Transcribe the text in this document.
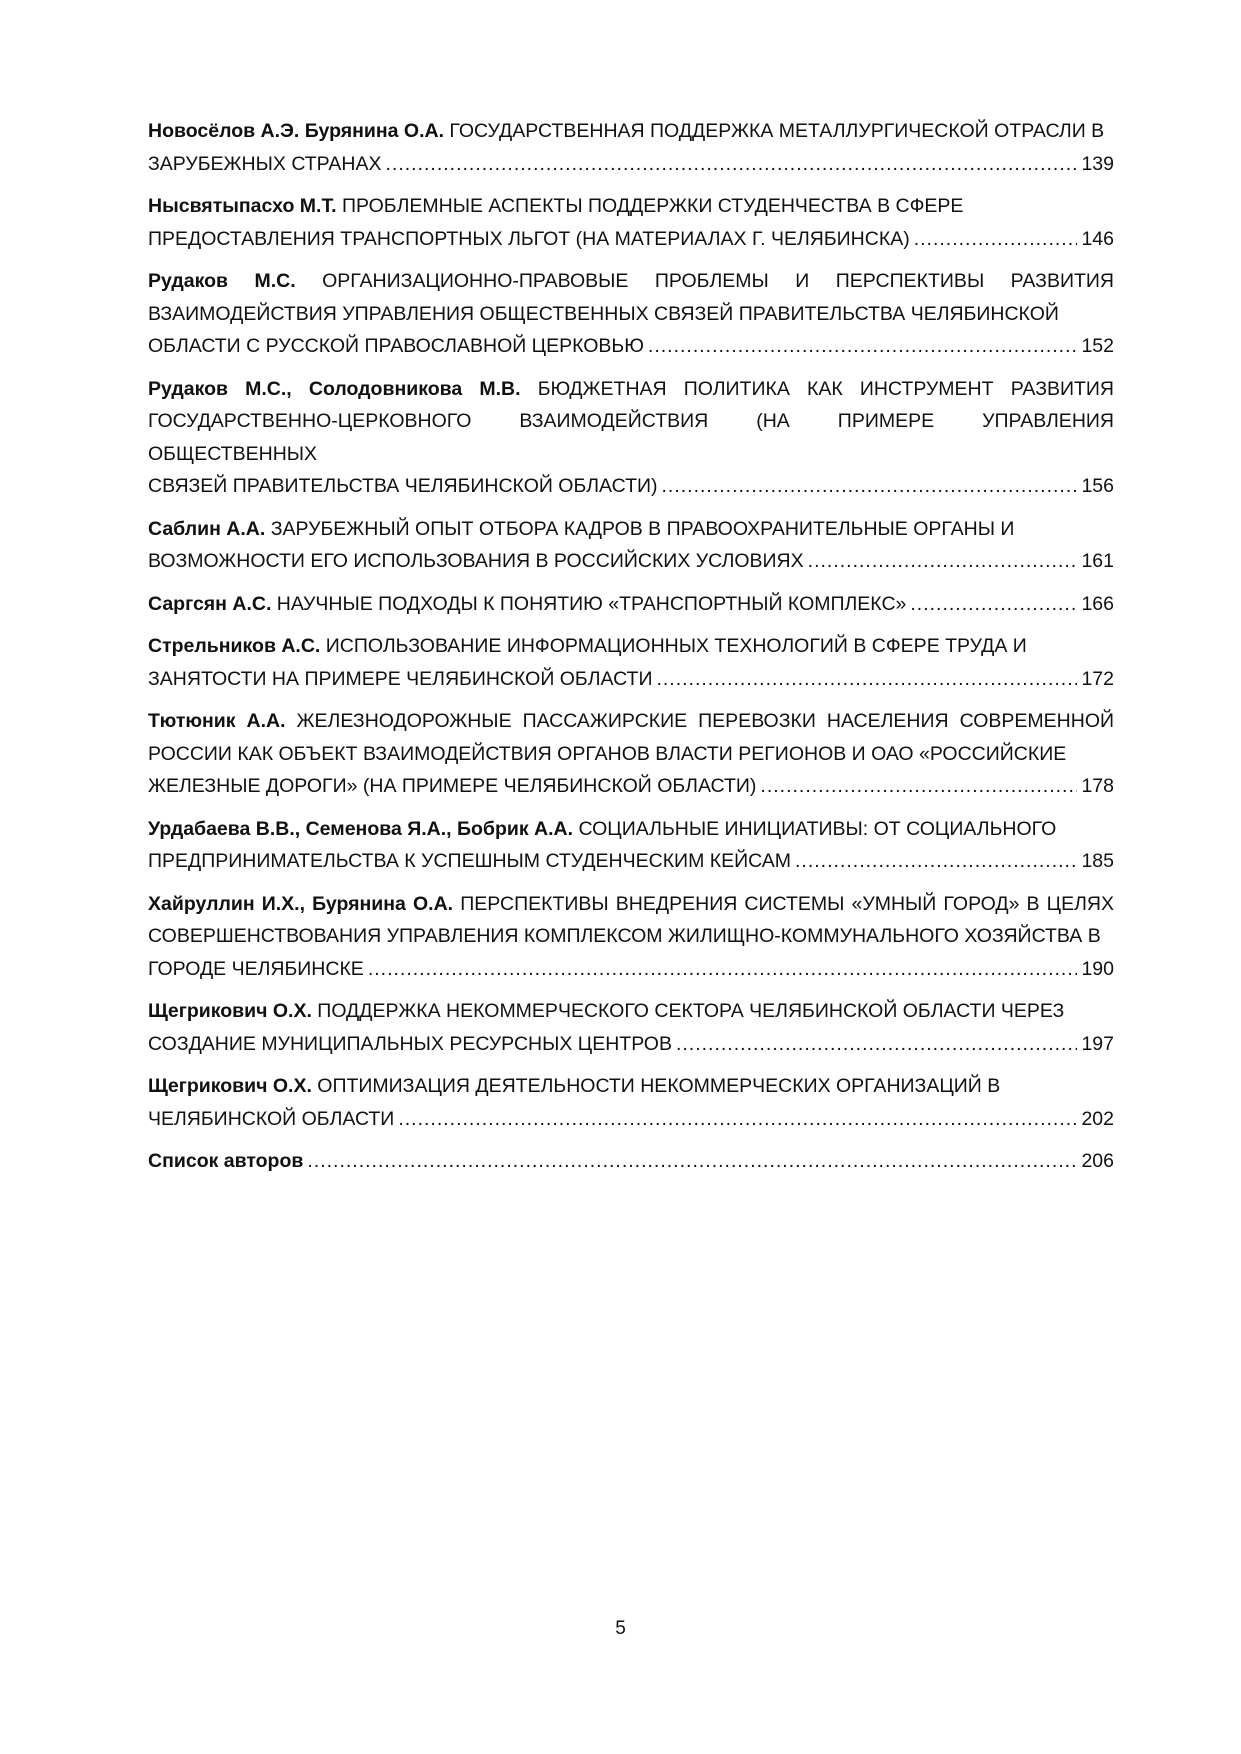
Новосёлов А.Э. Бурянина О.А. ГОСУДАРСТВЕННАЯ ПОДДЕРЖКА МЕТАЛЛУРГИЧЕСКОЙ ОТРАСЛИ В
ЗАРУБЕЖНЫХ СТРАНАХ .....	139
Нысвятыпасхо М.Т. ПРОБЛЕМНЫЕ АСПЕКТЫ ПОДДЕРЖКИ СТУДЕНЧЕСТВА В СФЕРЕ
ПРЕДОСТАВЛЕНИЯ ТРАНСПОРТНЫХ ЛЬГОТ (НА МАТЕРИАЛАХ Г. ЧЕЛЯБИНСКА) .....	146
Рудаков М.С. ОРГАНИЗАЦИОННО-ПРАВОВЫЕ ПРОБЛЕМЫ И ПЕРСПЕКТИВЫ РАЗВИТИЯ ВЗАИМОДЕЙСТВИЯ УПРАВЛЕНИЯ ОБЩЕСТВЕННЫХ СВЯЗЕЙ ПРАВИТЕЛЬСТВА ЧЕЛЯБИНСКОЙ
ОБЛАСТИ С РУССКОЙ ПРАВОСЛАВНОЙ ЦЕРКОВЬЮ .....	152
Рудаков М.С., Солодовникова М.В. БЮДЖЕТНАЯ ПОЛИТИКА КАК ИНСТРУМЕНТ РАЗВИТИЯ ГОСУДАРСТВЕННО-ЦЕРКОВНОГО ВЗАИМОДЕЙСТВИЯ (НА ПРИМЕРЕ УПРАВЛЕНИЯ ОБЩЕСТВЕННЫХ
СВЯЗЕЙ ПРАВИТЕЛЬСТВА ЧЕЛЯБИНСКОЙ ОБЛАСТИ) .....	156
Саблин А.А. ЗАРУБЕЖНЫЙ ОПЫТ ОТБОРА КАДРОВ В ПРАВООХРАНИТЕЛЬНЫЕ ОРГАНЫ И
ВОЗМОЖНОСТИ ЕГО ИСПОЛЬЗОВАНИЯ В РОССИЙСКИХ УСЛОВИЯХ .....	161
Саргсян А.С. НАУЧНЫЕ ПОДХОДЫ К ПОНЯТИЮ «ТРАНСПОРТНЫЙ КОМПЛЕКС» .....	166
Стрельников А.С. ИСПОЛЬЗОВАНИЕ ИНФОРМАЦИОННЫХ ТЕХНОЛОГИЙ В СФЕРЕ ТРУДА И
ЗАНЯТОСТИ НА ПРИМЕРЕ ЧЕЛЯБИНСКОЙ ОБЛАСТИ .....	172
Тютюник А.А. ЖЕЛЕЗНОДОРОЖНЫЕ ПАССАЖИРСКИЕ ПЕРЕВОЗКИ НАСЕЛЕНИЯ СОВРЕМЕННОЙ РОССИИ КАК ОБЪЕКТ ВЗАИМОДЕЙСТВИЯ ОРГАНОВ ВЛАСТИ РЕГИОНОВ И ОАО «РОССИЙСКИЕ
ЖЕЛЕЗНЫЕ ДОРОГИ» (НА ПРИМЕРЕ ЧЕЛЯБИНСКОЙ ОБЛАСТИ) .....	178
Урдабаева В.В., Семенова Я.А., Бобрик А.А. СОЦИАЛЬНЫЕ ИНИЦИАТИВЫ: ОТ СОЦИАЛЬНОГО
ПРЕДПРИНИМАТЕЛЬСТВА К УСПЕШНЫМ СТУДЕНЧЕСКИМ КЕЙСАМ .....	185
Хайруллин И.Х., Бурянина О.А. ПЕРСПЕКТИВЫ ВНЕДРЕНИЯ СИСТЕМЫ «УМНЫЙ ГОРОД» В ЦЕЛЯХ СОВЕРШЕНСТВОВАНИЯ УПРАВЛЕНИЯ КОМПЛЕКСОМ ЖИЛИЩНО-КОММУНАЛЬНОГО ХОЗЯЙСТВА В
ГОРОДЕ ЧЕЛЯБИНСКЕ .....	190
Щегрикович О.Х. ПОДДЕРЖКА НЕКОММЕРЧЕСКОГО СЕКТОРА ЧЕЛЯБИНСКОЙ ОБЛАСТИ ЧЕРЕЗ
СОЗДАНИЕ МУНИЦИПАЛЬНЫХ РЕСУРСНЫХ ЦЕНТРОВ .....	197
Щегрикович О.Х. ОПТИМИЗАЦИЯ ДЕЯТЕЛЬНОСТИ НЕКОММЕРЧЕСКИХ ОРГАНИЗАЦИЙ В
ЧЕЛЯБИНСКОЙ ОБЛАСТИ .....	202
Список авторов .....	206
5
